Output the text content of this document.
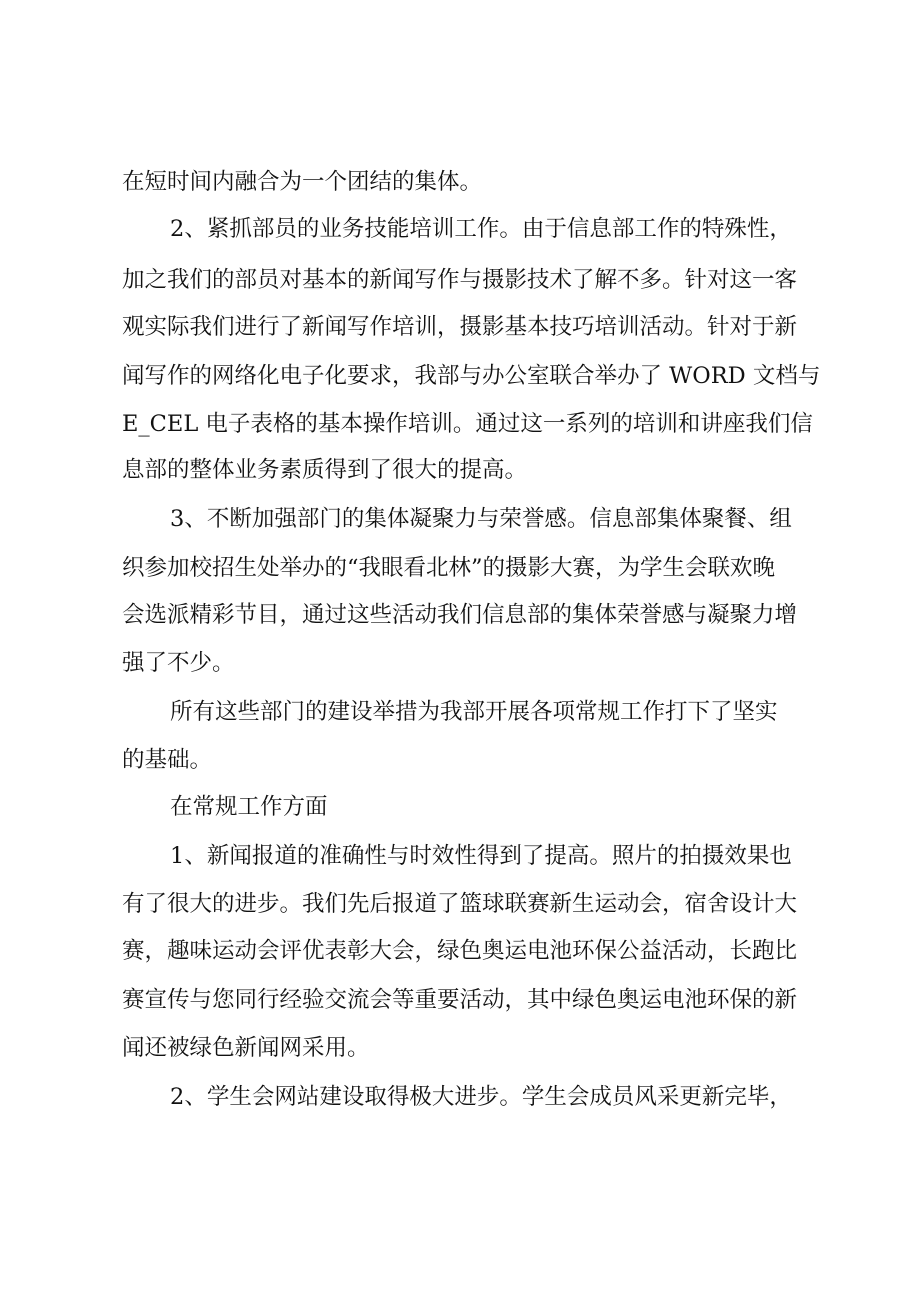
在短时间内融合为一个团结的集体。
2、紧抓部员的业务技能培训工作。由于信息部工作的特殊性，
加之我们的部员对基本的新闻写作与摄影技术了解不多。针对这一客
观实际我们进行了新闻写作培训，摄影基本技巧培训活动。针对于新
闻写作的网络化电子化要求，我部与办公室联合举办了 WORD 文档与
E_CEL 电子表格的基本操作培训。通过这一系列的培训和讲座我们信
息部的整体业务素质得到了很大的提高。
3、不断加强部门的集体凝聚力与荣誉感。信息部集体聚餐、组
织参加校招生处举办的“我眼看北林”的摄影大赛，为学生会联欢晚
会选派精彩节目，通过这些活动我们信息部的集体荣誉感与凝聚力增
强了不少。
所有这些部门的建设举措为我部开展各项常规工作打下了坚实
的基础。
在常规工作方面
1、新闻报道的准确性与时效性得到了提高。照片的拍摄效果也
有了很大的进步。我们先后报道了篮球联赛新生运动会，宿舍设计大
赛，趣味运动会评优表彰大会，绿色奥运电池环保公益活动，长跑比
赛宣传与您同行经验交流会等重要活动，其中绿色奥运电池环保的新
闻还被绿色新闻网采用。
2、学生会网站建设取得极大进步。学生会成员风采更新完毕，
